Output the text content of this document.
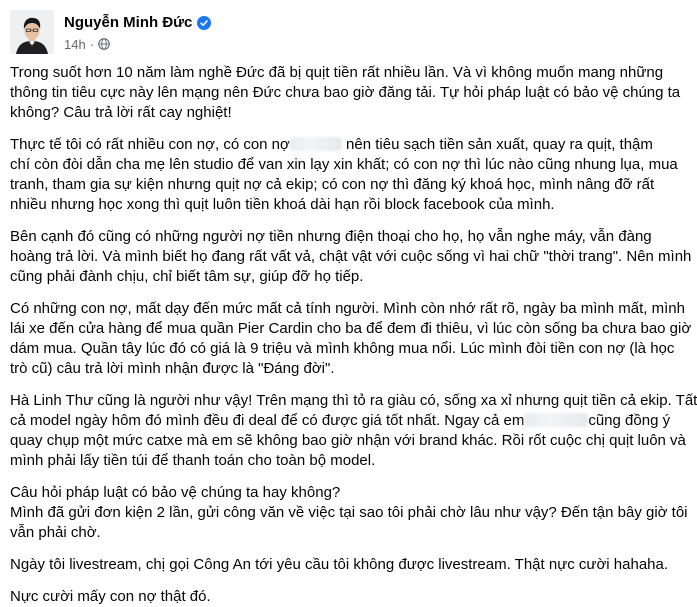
Nguyễn Minh Đức
14h ·

Trong suốt hơn 10 năm làm nghề Đức đã bị quịt tiền rất nhiều lần. Và vì không muốn mang những
thông tin tiêu cực này lên mạng nên Đức chưa bao giờ đăng tải. Tự hỏi pháp luật có bảo vệ chúng ta
không? Câu trả lời rất cay nghiệt!

Thực tế tôi có rất nhiều con nợ, có con nợ	nên tiêu sạch tiền sản xuất, quay ra quịt, thậm
chí còn đòi dẫn cha mẹ lên studio để van xin lạy xin khất; có con nợ thì lúc nào cũng nhung lụa, mua
tranh, tham gia sự kiện nhưng quịt nợ cả ekip; có con nợ thì đăng ký khoá học, mình nâng đỡ rất
nhiều nhưng học xong thì quịt luôn tiền khoá dài hạn rồi block facebook của mình.

Bên cạnh đó cũng có những người nợ tiền nhưng điện thoại cho họ, họ vẫn nghe máy, vẫn đàng
hoàng trả lời. Và mình biết họ đang rất vất vả, chật vật với cuộc sống vì hai chữ "thời trang". Nên mình
cũng phải đành chịu, chỉ biết tâm sự, giúp đỡ họ tiếp.

Có những con nợ, mất dạy đến mức mất cả tính người. Mình còn nhớ rất rõ, ngày ba mình mất, mình
lái xe đến cửa hàng để mua quần Pier Cardin cho ba để đem đi thiêu, vì lúc còn sống ba chưa bao giờ
dám mua. Quần tây lúc đó có giá là 9 triệu và mình không mua nổi. Lúc mình đòi tiền con nợ (là học
trò cũ) câu trả lời mình nhận được là "Đáng đời".

Hà Linh Thư cũng là người như vậy! Trên mạng thì tỏ ra giàu có, sống xa xỉ nhưng quịt tiền cả ekip. Tất
cả model ngày hôm đó mình đều đi deal để có được giá tốt nhất. Ngay cả em	cũng đồng ý
quay chụp một mức catxe mà em sẽ không bao giờ nhận với brand khác. Rồi rốt cuộc chị quịt luôn và
mình phải lấy tiền túi để thanh toán cho toàn bộ model.

Câu hỏi pháp luật có bảo vệ chúng ta hay không?
Mình đã gửi đơn kiện 2 lần, gửi công văn về việc tại sao tôi phải chờ lâu như vậy? Đến tận bây giờ tôi
vẫn phải chờ.

Ngày tôi livestream, chị gọi Công An tới yêu cầu tôi không được livestream. Thật nực cười hahaha.

Nực cười mấy con nợ thật đó.
